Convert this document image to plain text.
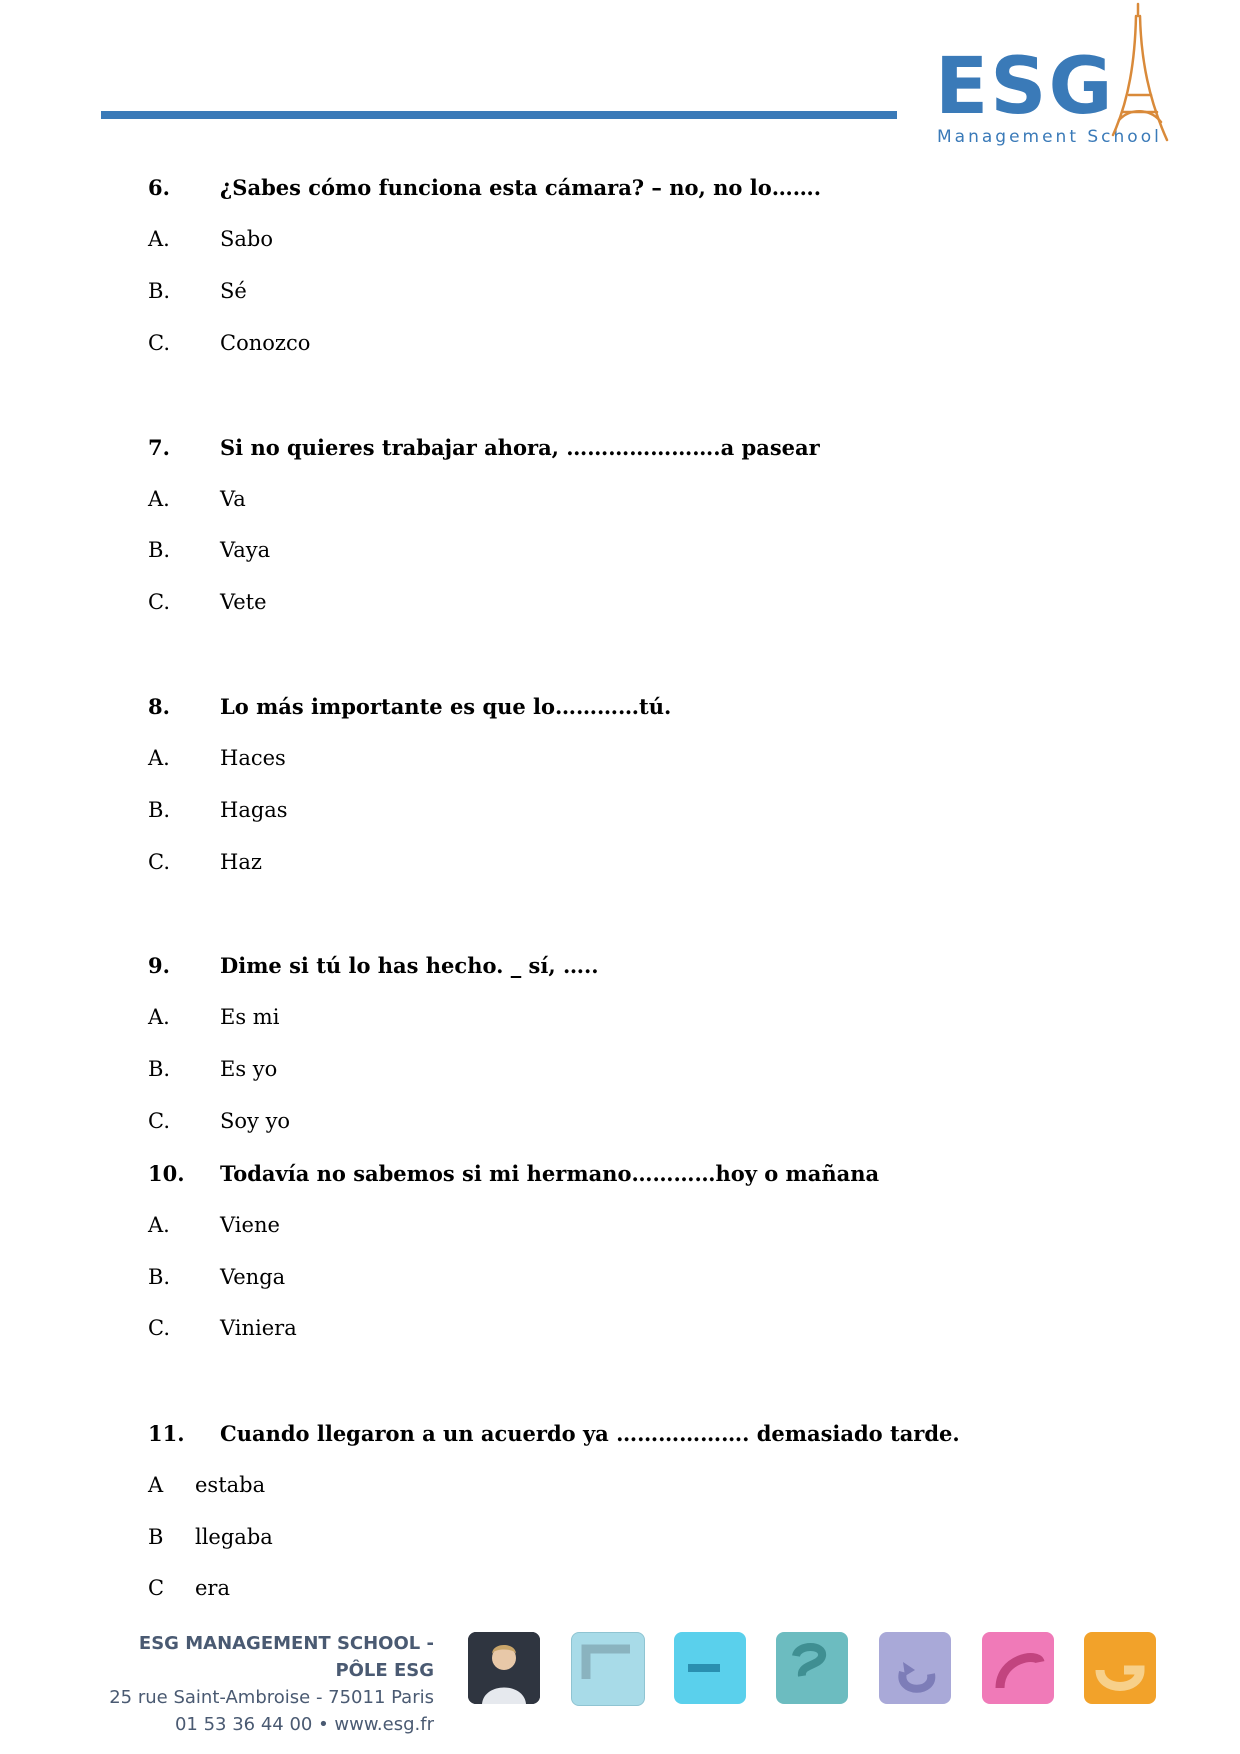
ESG
Management School
6. ¿Sabes cómo funciona esta cámara? – no, no lo…….
A. Sabo
B. Sé
C. Conozco
7. Si no quieres trabajar ahora, ………………….a pasear
A. Va
B. Vaya
C. Vete
8. Lo más importante es que lo…………tú.
A. Haces
B. Hagas
C. Haz
9. Dime si tú lo has hecho. _ sí, …..
A. Es mi
B. Es yo
C. Soy yo
10. Todavía no sabemos si mi hermano…………hoy o mañana
A. Viene
B. Venga
C. Viniera
11. Cuando llegaron a un acuerdo ya ………………. demasiado tarde.
A estaba
B llegaba
C era
ESG MANAGEMENT SCHOOL - PÔLE ESG
25 rue Saint-Ambroise - 75011 Paris
01 53 36 44 00 • www.esg.fr
